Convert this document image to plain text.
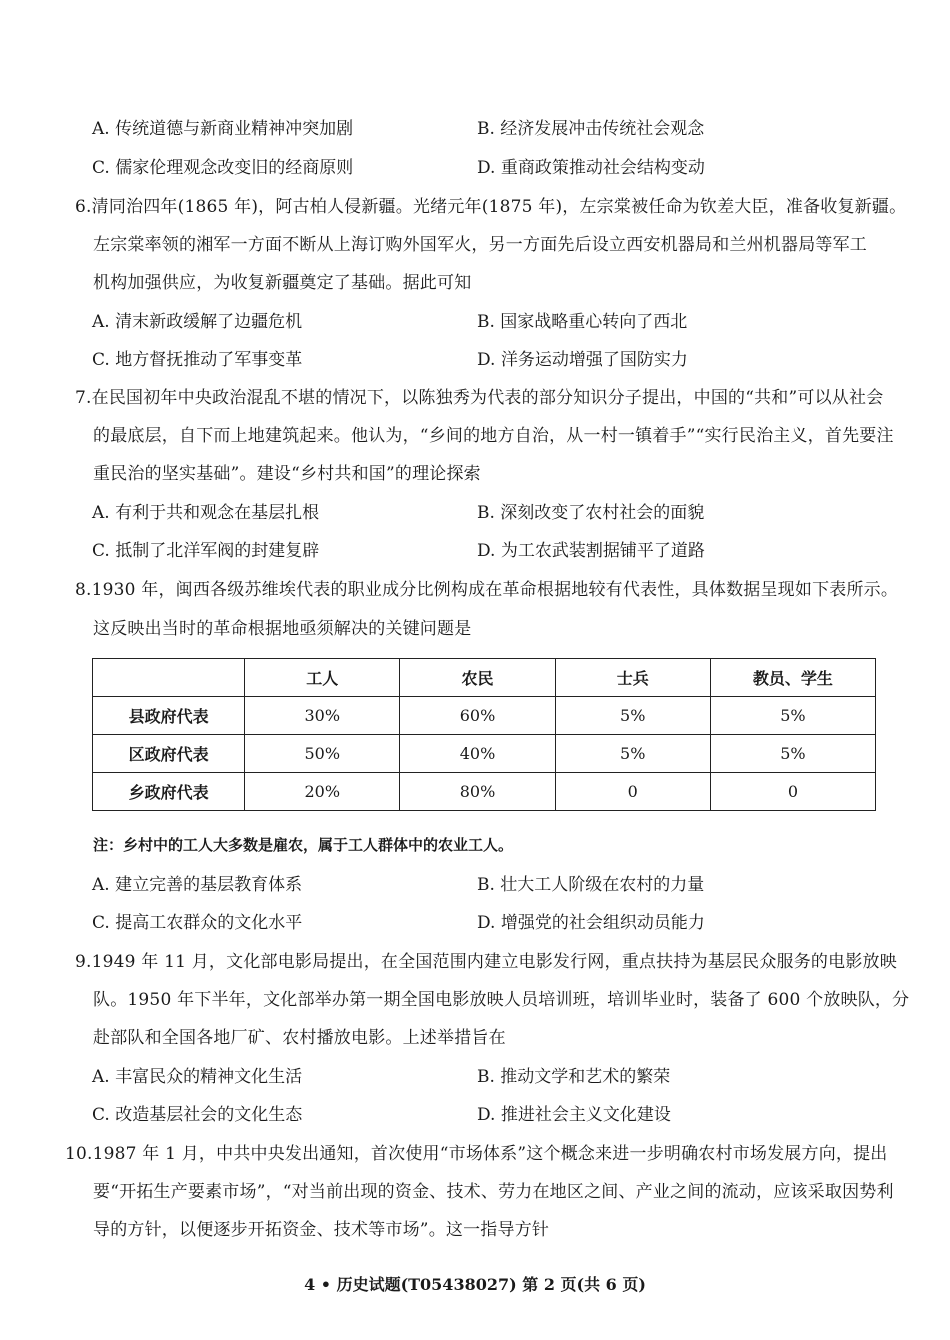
A. 传统道德与新商业精神冲突加剧	B. 经济发展冲击传统社会观念
C. 儒家伦理观念改变旧的经商原则	D. 重商政策推动社会结构变动
6.清同治四年(1865 年)，阿古柏人侵新疆。光绪元年(1875 年)，左宗棠被任命为钦差大臣，准备收复新疆。
左宗棠率领的湘军一方面不断从上海订购外国军火，另一方面先后设立西安机器局和兰州机器局等军工
机构加强供应，为收复新疆奠定了基础。据此可知
A. 清末新政缓解了边疆危机	B. 国家战略重心转向了西北
C. 地方督抚推动了军事变革	D. 洋务运动增强了国防实力
7.在民国初年中央政治混乱不堪的情况下，以陈独秀为代表的部分知识分子提出，中国的“共和”可以从社会
的最底层，自下而上地建筑起来。他认为，“乡间的地方自治，从一村一镇着手”“实行民治主义，首先要注
重民治的坚实基础”。建设“乡村共和国”的理论探索
A. 有利于共和观念在基层扎根	B. 深刻改变了农村社会的面貌
C. 抵制了北洋军阀的封建复辟	D. 为工农武装割据铺平了道路
8.1930 年，闽西各级苏维埃代表的职业成分比例构成在革命根据地较有代表性，具体数据呈现如下表所示。
这反映出当时的革命根据地亟须解决的关键问题是
	工人	农民	士兵	教员、学生
县政府代表	30%	60%	5%	5%
区政府代表	50%	40%	5%	5%
乡政府代表	20%	80%	0	0
注：乡村中的工人大多数是雇农，属于工人群体中的农业工人。
A. 建立完善的基层教育体系	B. 壮大工人阶级在农村的力量
C. 提高工农群众的文化水平	D. 增强党的社会组织动员能力
9.1949 年 11 月，文化部电影局提出，在全国范围内建立电影发行网，重点扶持为基层民众服务的电影放映
队。1950 年下半年，文化部举办第一期全国电影放映人员培训班，培训毕业时，装备了 600 个放映队，分
赴部队和全国各地厂矿、农村播放电影。上述举措旨在
A. 丰富民众的精神文化生活	B. 推动文学和艺术的繁荣
C. 改造基层社会的文化生态	D. 推进社会主义文化建设
10.1987 年 1 月，中共中央发出通知，首次使用“市场体系”这个概念来进一步明确农村市场发展方向，提出
要“开拓生产要素市场”，“对当前出现的资金、技术、劳力在地区之间、产业之间的流动，应该采取因势利
导的方针，以便逐步开拓资金、技术等市场”。这一指导方针
4 • 历史试题(T05438027) 第 2 页(共 6 页)
